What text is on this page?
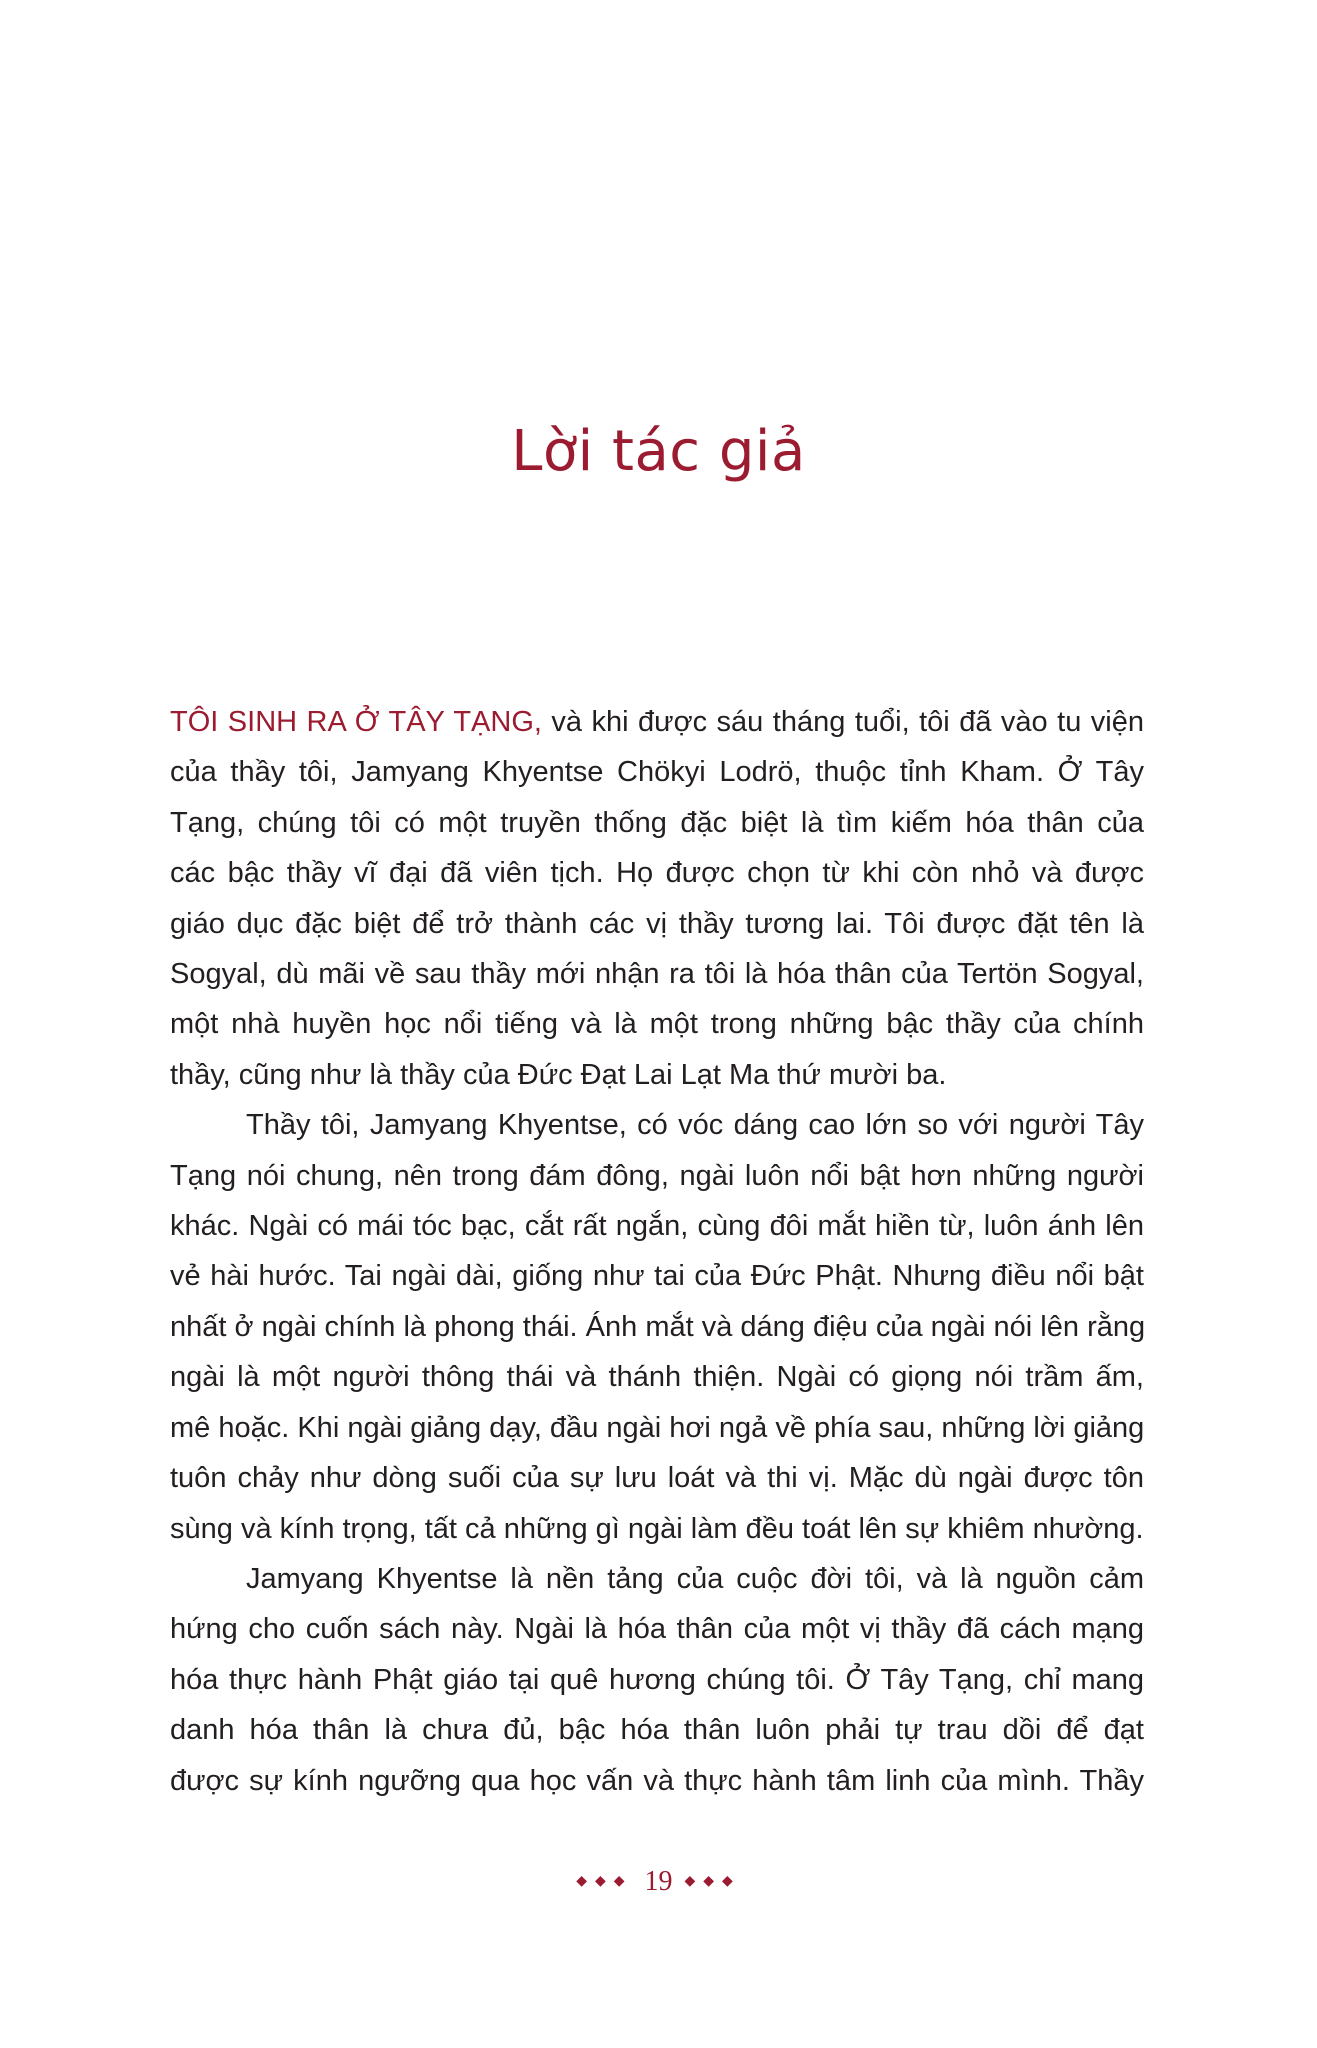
Lời tác giả

TÔI SINH RA Ở TÂY TẠNG, và khi được sáu tháng tuổi, tôi đã vào tu viện
của thầy tôi, Jamyang Khyentse Chökyi Lodrö, thuộc tỉnh Kham. Ở Tây
Tạng, chúng tôi có một truyền thống đặc biệt là tìm kiếm hóa thân của
các bậc thầy vĩ đại đã viên tịch. Họ được chọn từ khi còn nhỏ và được
giáo dục đặc biệt để trở thành các vị thầy tương lai. Tôi được đặt tên là
Sogyal, dù mãi về sau thầy mới nhận ra tôi là hóa thân của Tertön Sogyal,
một nhà huyền học nổi tiếng và là một trong những bậc thầy của chính
thầy, cũng như là thầy của Đức Đạt Lai Lạt Ma thứ mười ba.

Thầy tôi, Jamyang Khyentse, có vóc dáng cao lớn so với người Tây
Tạng nói chung, nên trong đám đông, ngài luôn nổi bật hơn những người
khác. Ngài có mái tóc bạc, cắt rất ngắn, cùng đôi mắt hiền từ, luôn ánh lên
vẻ hài hước. Tai ngài dài, giống như tai của Đức Phật. Nhưng điều nổi bật
nhất ở ngài chính là phong thái. Ánh mắt và dáng điệu của ngài nói lên rằng
ngài là một người thông thái và thánh thiện. Ngài có giọng nói trầm ấm,
mê hoặc. Khi ngài giảng dạy, đầu ngài hơi ngả về phía sau, những lời giảng
tuôn chảy như dòng suối của sự lưu loát và thi vị. Mặc dù ngài được tôn
sùng và kính trọng, tất cả những gì ngài làm đều toát lên sự khiêm nhường.

Jamyang Khyentse là nền tảng của cuộc đời tôi, và là nguồn cảm
hứng cho cuốn sách này. Ngài là hóa thân của một vị thầy đã cách mạng
hóa thực hành Phật giáo tại quê hương chúng tôi. Ở Tây Tạng, chỉ mang
danh hóa thân là chưa đủ, bậc hóa thân luôn phải tự trau dồi để đạt
được sự kính ngưỡng qua học vấn và thực hành tâm linh của mình. Thầy

◆◆◆ 19 ◆◆◆
